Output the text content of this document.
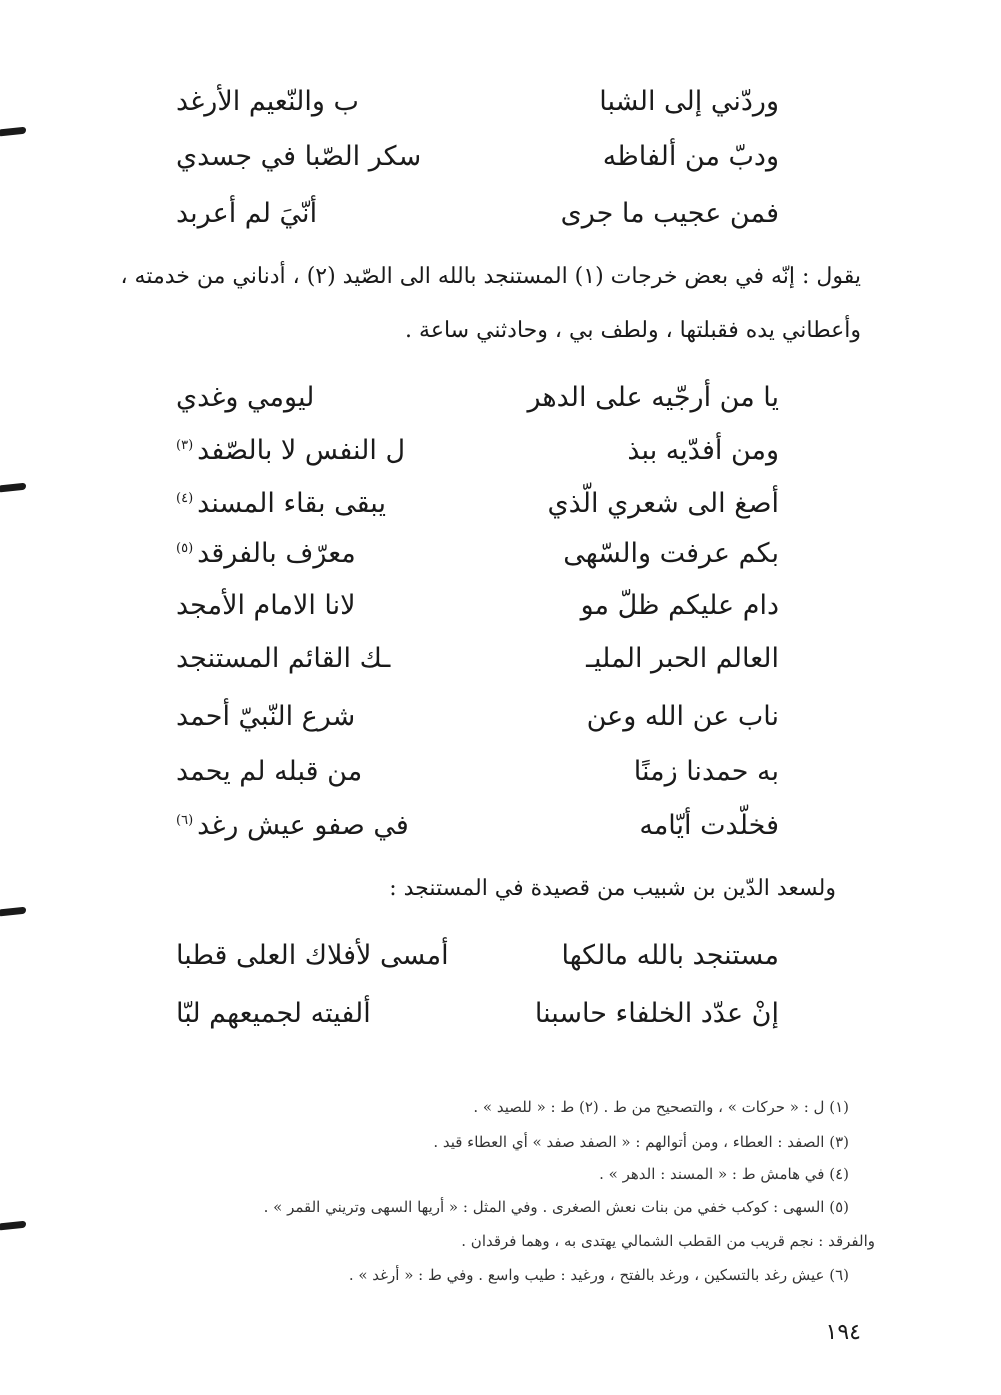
وردّني إلى الشبا
ب والنّعيم الأرغد
ودبّ من ألفاظه
سكر الصّبا في جسدي
فمن عجيب ما جرى
أنّيَ لم أعربد
يقول : إنّه في بعض خرجات (١) المستنجد بالله الى الصّيد (٢) ، أدناني من خدمته ،
وأعطاني يده فقبلتها ، ولطف بي ، وحادثني ساعة .
يا من أرجّيه على الدهر
ليومي وغدي
ومن أفدّيه ببذ
ل النفس لا بالصّفد$^{(٣)}$
أصغ الى شعري الّذي
يبقى بقاء المسند$^{(٤)}$
بكم عرفت والسّهى
معرّف بالفرقد$^{(٥)}$
دام عليكم ظلّ مو
لانا الامام الأمجد
العالم الحبر المليـ
ـك القائم المستنجد
ناب عن الله وعن
شرع النّبيّ أحمد
به حمدنا زمنًا
من قبله لم يحمد
فخلّدت أيّامه
في صفو عيش رغد$^{(٦)}$
ولسعد الدّين بن شبيب من قصيدة في المستنجد :
مستنجد بالله مالكها
أمسى لأفلاك العلى قطبا
إنْ عدّد الخلفاء حاسبنا
ألفيته لجميعهم لبّا
(١) ل : « حركات » ، والتصحيح من ط . (٢) ط : « للصيد » .
(٣) الصفد : العطاء ، ومن أتوالهم : « الصفد صفد » أي العطاء قيد .
(٤) في هامش ط : « المسند : الدهر » .
(٥) السهى : كوكب خفي من بنات نعش الصغرى . وفي المثل : « أريها السهى وتريني القمر » .
والفرقد : نجم قريب من القطب الشمالي يهتدى به ، وهما فرقدان .
(٦) عيش رغد بالتسكين ، ورغد بالفتح ، ورغيد : طيب واسع . وفي ط : « أرغد » .
١٩٤
